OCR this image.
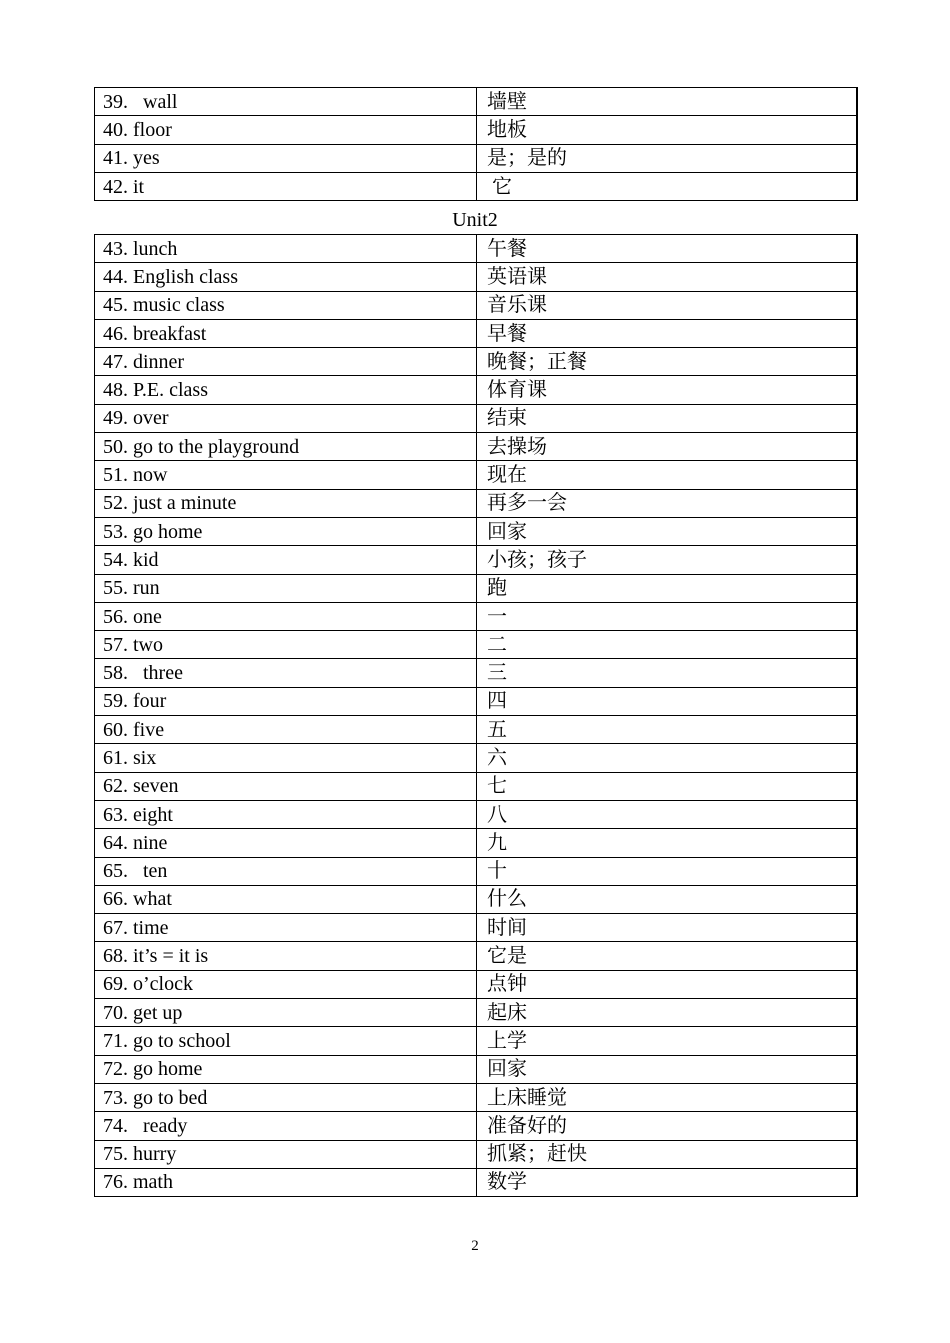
39.   wall	墙壁
40. floor	地板
41. yes	是；是的
42. it	它
Unit2
43. lunch	午餐
44. English class	英语课
45. music class	音乐课
46. breakfast	早餐
47. dinner	晚餐；正餐
48. P.E. class	体育课
49. over	结束
50. go to the playground	去操场
51. now	现在
52. just a minute	再多一会
53. go home	回家
54. kid	小孩；孩子
55. run	跑
56. one	一
57. two	二
58.   three	三
59. four	四
60. five	五
61. six	六
62. seven	七
63. eight	八
64. nine	九
65.   ten	十
66. what	什么
67. time	时间
68. it’s = it is	它是
69. o’clock	点钟
70. get up	起床
71. go to school	上学
72. go home	回家
73. go to bed	上床睡觉
74.   ready	准备好的
75. hurry	抓紧；赶快
76. math	数学
2
